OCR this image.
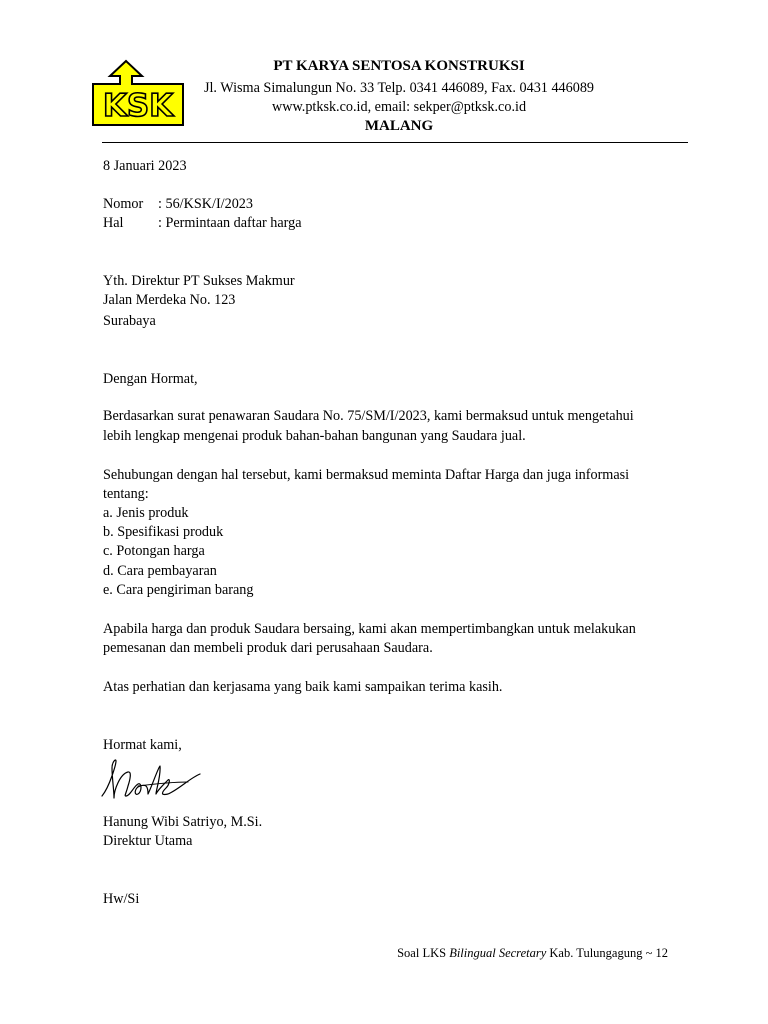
KSK
PT KARYA SENTOSA KONSTRUKSI
Jl. Wisma Simalungun No. 33 Telp. 0341 446089, Fax. 0431 446089
www.ptksk.co.id, email: sekper@ptksk.co.id
MALANG
8 Januari 2023
Nomor : 56/KSK/I/2023
Hal : Permintaan daftar harga
Yth. Direktur PT Sukses Makmur
Jalan Merdeka No. 123
Surabaya
Dengan Hormat,
Berdasarkan surat penawaran Saudara No. 75/SM/I/2023, kami bermaksud untuk mengetahui
lebih lengkap mengenai produk bahan-bahan bangunan yang Saudara jual.
Sehubungan dengan hal tersebut, kami bermaksud meminta Daftar Harga dan juga informasi
tentang:
a. Jenis produk
b. Spesifikasi produk
c. Potongan harga
d. Cara pembayaran
e. Cara pengiriman barang
Apabila harga dan produk Saudara bersaing, kami akan mempertimbangkan untuk melakukan
pemesanan dan membeli produk dari perusahaan Saudara.
Atas perhatian dan kerjasama yang baik kami sampaikan terima kasih.
Hormat kami,
Hanung Wibi Satriyo, M.Si.
Direktur Utama
Hw/Si
Soal LKS Bilingual Secretary Kab. Tulungagung ~ 12
